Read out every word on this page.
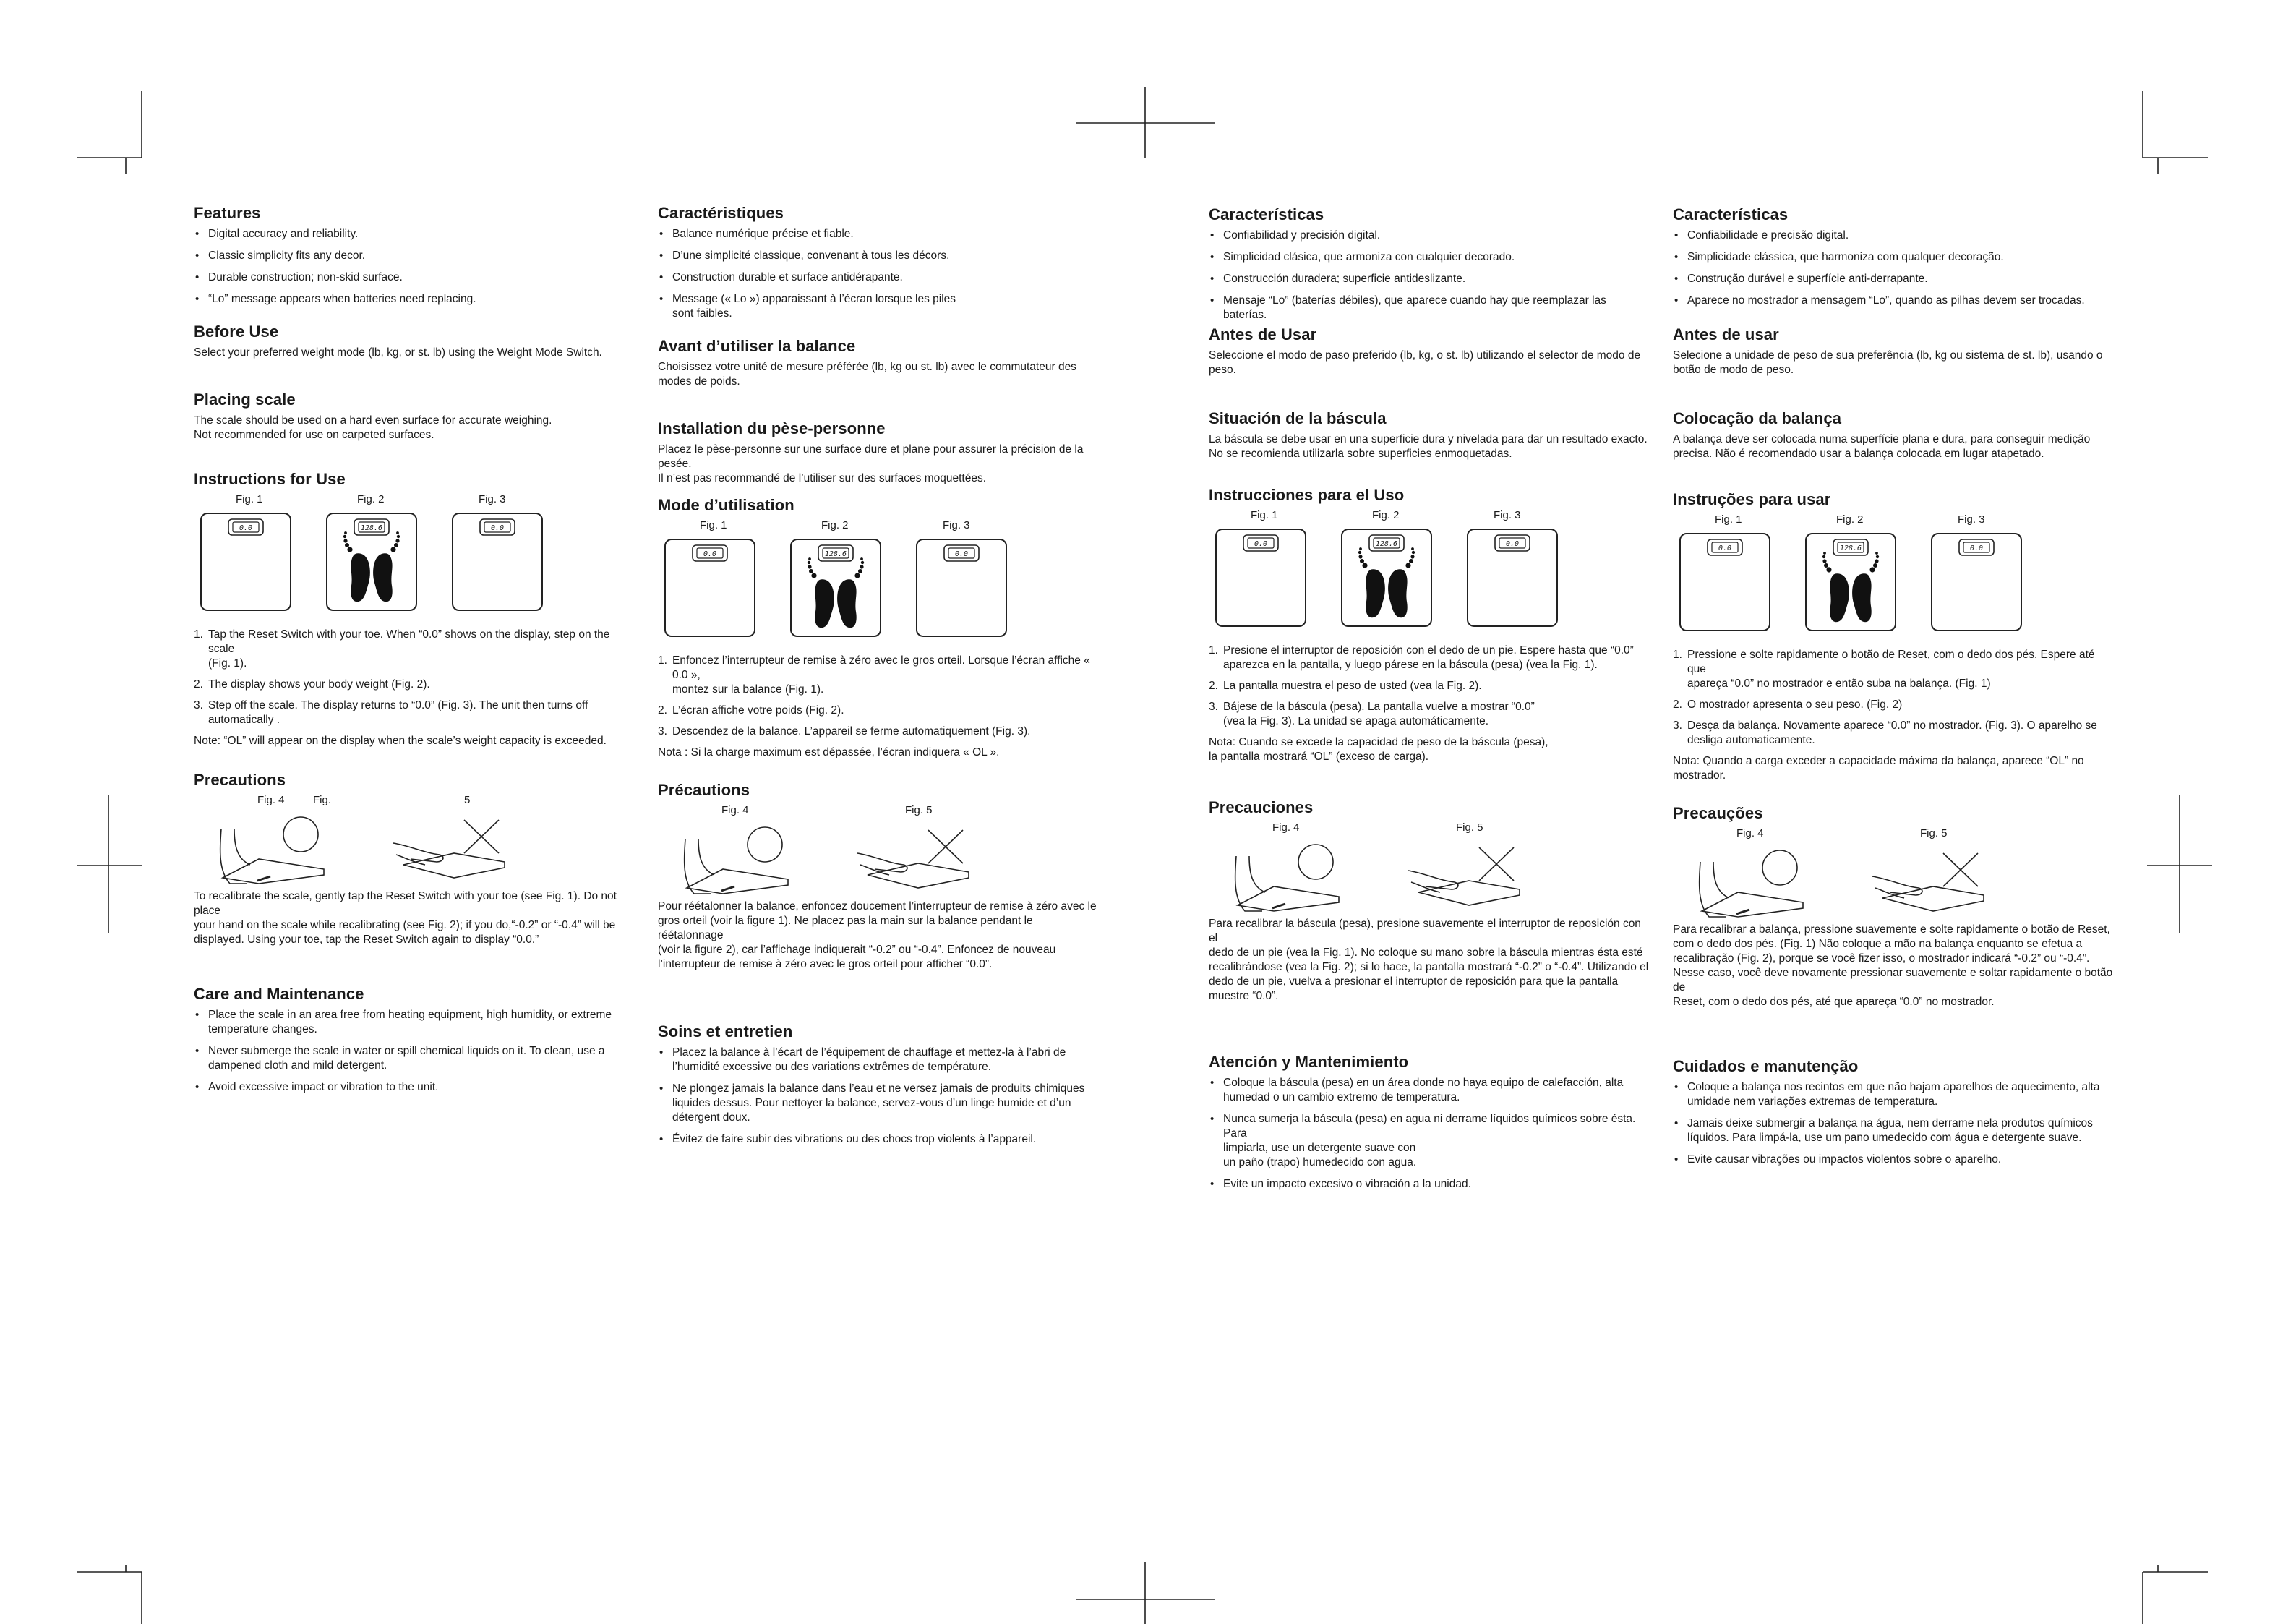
Features
• Digital accuracy and reliability.
• Classic simplicity fits any decor.
• Durable construction; non-skid surface.
• “Lo” message appears when batteries need replacing.
Before Use

Select your preferred weight mode (lb, kg, or st. lb) using the Weight Mode Switch.

Placing scale

The scale should be used on a hard even surface for accurate weighing.
Not recommended for use on carpeted surfaces.

Instructions for Use
Fig. 1	Fig. 2	Fig. 3
0.0	128.6	0.0
1. Tap the Reset Switch with your toe. When “0.0” shows on the display, step on the scale
(Fig. 1).
2. The display shows your body weight (Fig. 2).
3. Step off the scale. The display returns to “0.0” (Fig. 3). The unit then turns off
automatically .

Note: “OL” will appear on the display when the scale’s weight capacity is exceeded.

Precautions
Fig. 4	Fig.	5

To recalibrate the scale, gently tap the Reset Switch with your toe (see Fig. 1). Do not place
your hand on the scale while recalibrating (see Fig. 2); if you do,“-0.2” or “-0.4” will be
displayed. Using your toe, tap the Reset Switch again to display “0.0.”

Care and Maintenance
• Place the scale in an area free from heating equipment, high humidity, or extreme
temperature changes.
• Never submerge the scale in water or spill chemical liquids on it. To clean, use a
dampened cloth and mild detergent.
• Avoid excessive impact or vibration to the unit.
Caractéristiques
• Balance numérique précise et fiable.
• D’une simplicité classique, convenant à tous les décors.
• Construction durable et surface antidérapante.
• Message (« Lo ») apparaissant à l’écran lorsque les piles
sont faibles.
Avant d’utiliser la balance

Choisissez votre unité de mesure préférée (lb, kg ou st. lb) avec le commutateur des
modes de poids.

Installation du pèse-personne

Placez le pèse-personne sur une surface dure et plane pour assurer la précision de la pesée.
Il n’est pas recommandé de l’utiliser sur des surfaces moquettées.

Mode d’utilisation
Fig. 1	Fig. 2	Fig. 3
0.0	128.6	0.0
1. Enfoncez l’interrupteur de remise à zéro avec le gros orteil. Lorsque l’écran affiche « 0.0 »,
montez sur la balance (Fig. 1).
2. L’écran affiche votre poids (Fig. 2).
3. Descendez de la balance. L’appareil se ferme automatiquement (Fig. 3).

Nota : Si la charge maximum est dépassée, l’écran indiquera « OL ».

Précautions
Fig. 4	Fig. 5

Pour réétalonner la balance, enfoncez doucement l’interrupteur de remise à zéro avec le
gros orteil (voir la figure 1). Ne placez pas la main sur la balance pendant le réétalonnage
(voir la figure 2), car l’affichage indiquerait “-0.2” ou “-0.4”. Enfoncez de nouveau
l’interrupteur de remise à zéro avec le gros orteil pour afficher “0.0”.

Soins et entretien
• Placez la balance à l’écart de l’équipement de chauffage et mettez-la à l’abri de
l’humidité excessive ou des variations extrêmes de température.
• Ne plongez jamais la balance dans l’eau et ne versez jamais de produits chimiques
liquides dessus. Pour nettoyer la balance, servez-vous d’un linge humide et d’un
détergent doux.
• Évitez de faire subir des vibrations ou des chocs trop violents à l’appareil.
Características
• Confiabilidad y precisión digital.
• Simplicidad clásica, que armoniza con cualquier decorado.
• Construcción duradera; superficie antideslizante.
• Mensaje “Lo” (baterías débiles), que aparece cuando hay que reemplazar las baterías.
Antes de Usar

Seleccione el modo de paso preferido (lb, kg, o st. lb) utilizando el selector de modo de
peso.

Situación de la báscula

La báscula se debe usar en una superficie dura y nivelada para dar un resultado exacto.
No se recomienda utilizarla sobre superficies enmoquetadas.

Instrucciones para el Uso
Fig. 1	Fig. 2	Fig. 3
0.0	128.6	0.0
1. Presione el interruptor de reposición con el dedo de un pie. Espere hasta que “0.0”
aparezca en la pantalla, y luego párese en la báscula (pesa) (vea la Fig. 1).
2. La pantalla muestra el peso de usted (vea la Fig. 2).
3. Bájese de la báscula (pesa). La pantalla vuelve a mostrar “0.0”
(vea la Fig. 3). La unidad se apaga automáticamente.

Nota: Cuando se excede la capacidad de peso de la báscula (pesa),
la pantalla mostrará “OL” (exceso de carga).

Precauciones
Fig. 4	Fig. 5

Para recalibrar la báscula (pesa), presione suavemente el interruptor de reposición con el
dedo de un pie (vea la Fig. 1). No coloque su mano sobre la báscula mientras ésta esté
recalibrándose (vea la Fig. 2); si lo hace, la pantalla mostrará “-0.2” o “-0.4”. Utilizando el
dedo de un pie, vuelva a presionar el interruptor de reposición para que la pantalla
muestre “0.0”.

Atención y Mantenimiento
• Coloque la báscula (pesa) en un área donde no haya equipo de calefacción, alta
humedad o un cambio extremo de temperatura.
• Nunca sumerja la báscula (pesa) en agua ni derrame líquidos químicos sobre ésta. Para
limpiarla, use un detergente suave con
un paño (trapo) humedecido con agua.
• Evite un impacto excesivo o vibración a la unidad.
Características
• Confiabilidade e precisão digital.
• Simplicidade clássica, que harmoniza com qualquer decoração.
• Construção durável e superfície anti-derrapante.
• Aparece no mostrador a mensagem “Lo”, quando as pilhas devem ser trocadas.
Antes de usar

Selecione a unidade de peso de sua preferência (lb, kg ou sistema de st. lb), usando o
botão de modo de peso.

Colocação da balança

A balança deve ser colocada numa superfície plana e dura, para conseguir medição
precisa. Não é recomendado usar a balança colocada em lugar atapetado.

Instruções para usar
Fig. 1	Fig. 2	Fig. 3
0.0	128.6	0.0
1. Pressione e solte rapidamente o botão de Reset, com o dedo dos pés. Espere até que
apareça “0.0” no mostrador e então suba na balança. (Fig. 1)
2. O mostrador apresenta o seu peso. (Fig. 2)
3. Desça da balança. Novamente aparece “0.0” no mostrador. (Fig. 3). O aparelho se
desliga automaticamente.

Nota: Quando a carga exceder a capacidade máxima da balança, aparece “OL” no
mostrador.

Precauções
Fig. 4	Fig. 5

Para recalibrar a balança, pressione suavemente e solte rapidamente o botão de Reset,
com o dedo dos pés. (Fig. 1) Não coloque a mão na balança enquanto se efetua a
recalibração (Fig. 2), porque se você fizer isso, o mostrador indicará “-0.2” ou “-0.4”.
Nesse caso, você deve novamente pressionar suavemente e soltar rapidamente o botão de
Reset, com o dedo dos pés, até que apareça “0.0” no mostrador.

Cuidados e manutenção
• Coloque a balança nos recintos em que não hajam aparelhos de aquecimento, alta
umidade nem variações extremas de temperatura.
• Jamais deixe submergir a balança na água, nem derrame nela produtos químicos
líquidos. Para limpá-la, use um pano umedecido com água e detergente suave.
• Evite causar vibrações ou impactos violentos sobre o aparelho.
